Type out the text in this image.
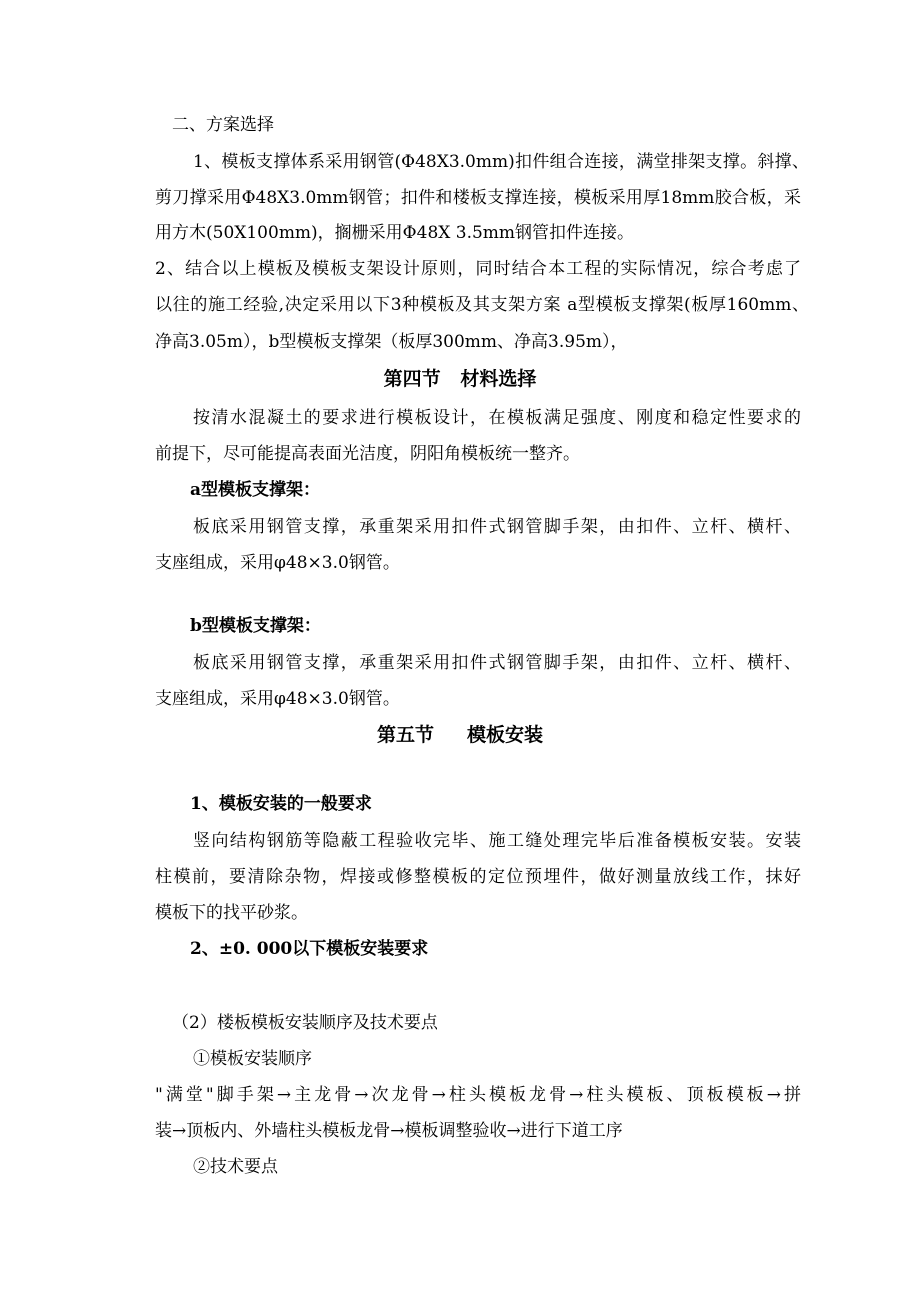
二、方案选择
1、模板支撑体系采用钢管(Φ48X3.0mm)扣件组合连接，满堂排架支撑。斜撑、
剪刀撑采用Φ48X3.0mm钢管；扣件和楼板支撑连接，模板采用厚18mm胶合板，采
用方木(50X100mm)，搁栅采用Φ48X 3.5mm钢管扣件连接。
2、结合以上模板及模板支架设计原则，同时结合本工程的实际情况，综合考虑了
以往的施工经验,决定采用以下3种模板及其支架方案 a型模板支撑架(板厚160mm、
净高3.05m），b型模板支撑架（板厚300mm、净高3.95m），
第四节   材料选择
按清水混凝土的要求进行模板设计，在模板满足强度、刚度和稳定性要求的
前提下，尽可能提高表面光洁度，阴阳角模板统一整齐。
a型模板支撑架：
板底采用钢管支撑，承重架采用扣件式钢管脚手架，由扣件、立杆、横杆、
支座组成，采用φ48×3.0钢管。
b型模板支撑架：
板底采用钢管支撑，承重架采用扣件式钢管脚手架，由扣件、立杆、横杆、
支座组成，采用φ48×3.0钢管。
第五节     模板安装
1、模板安装的一般要求
竖向结构钢筋等隐蔽工程验收完毕、施工缝处理完毕后准备模板安装。安装
柱模前，要清除杂物，焊接或修整模板的定位预埋件，做好测量放线工作，抹好
模板下的找平砂浆。
2、±0. 000以下模板安装要求
（2）楼板模板安装顺序及技术要点
①模板安装顺序
"满堂"脚手架→主龙骨→次龙骨→柱头模板龙骨→柱头模板、顶板模板→拼
装→顶板内、外墙柱头模板龙骨→模板调整验收→进行下道工序
②技术要点
